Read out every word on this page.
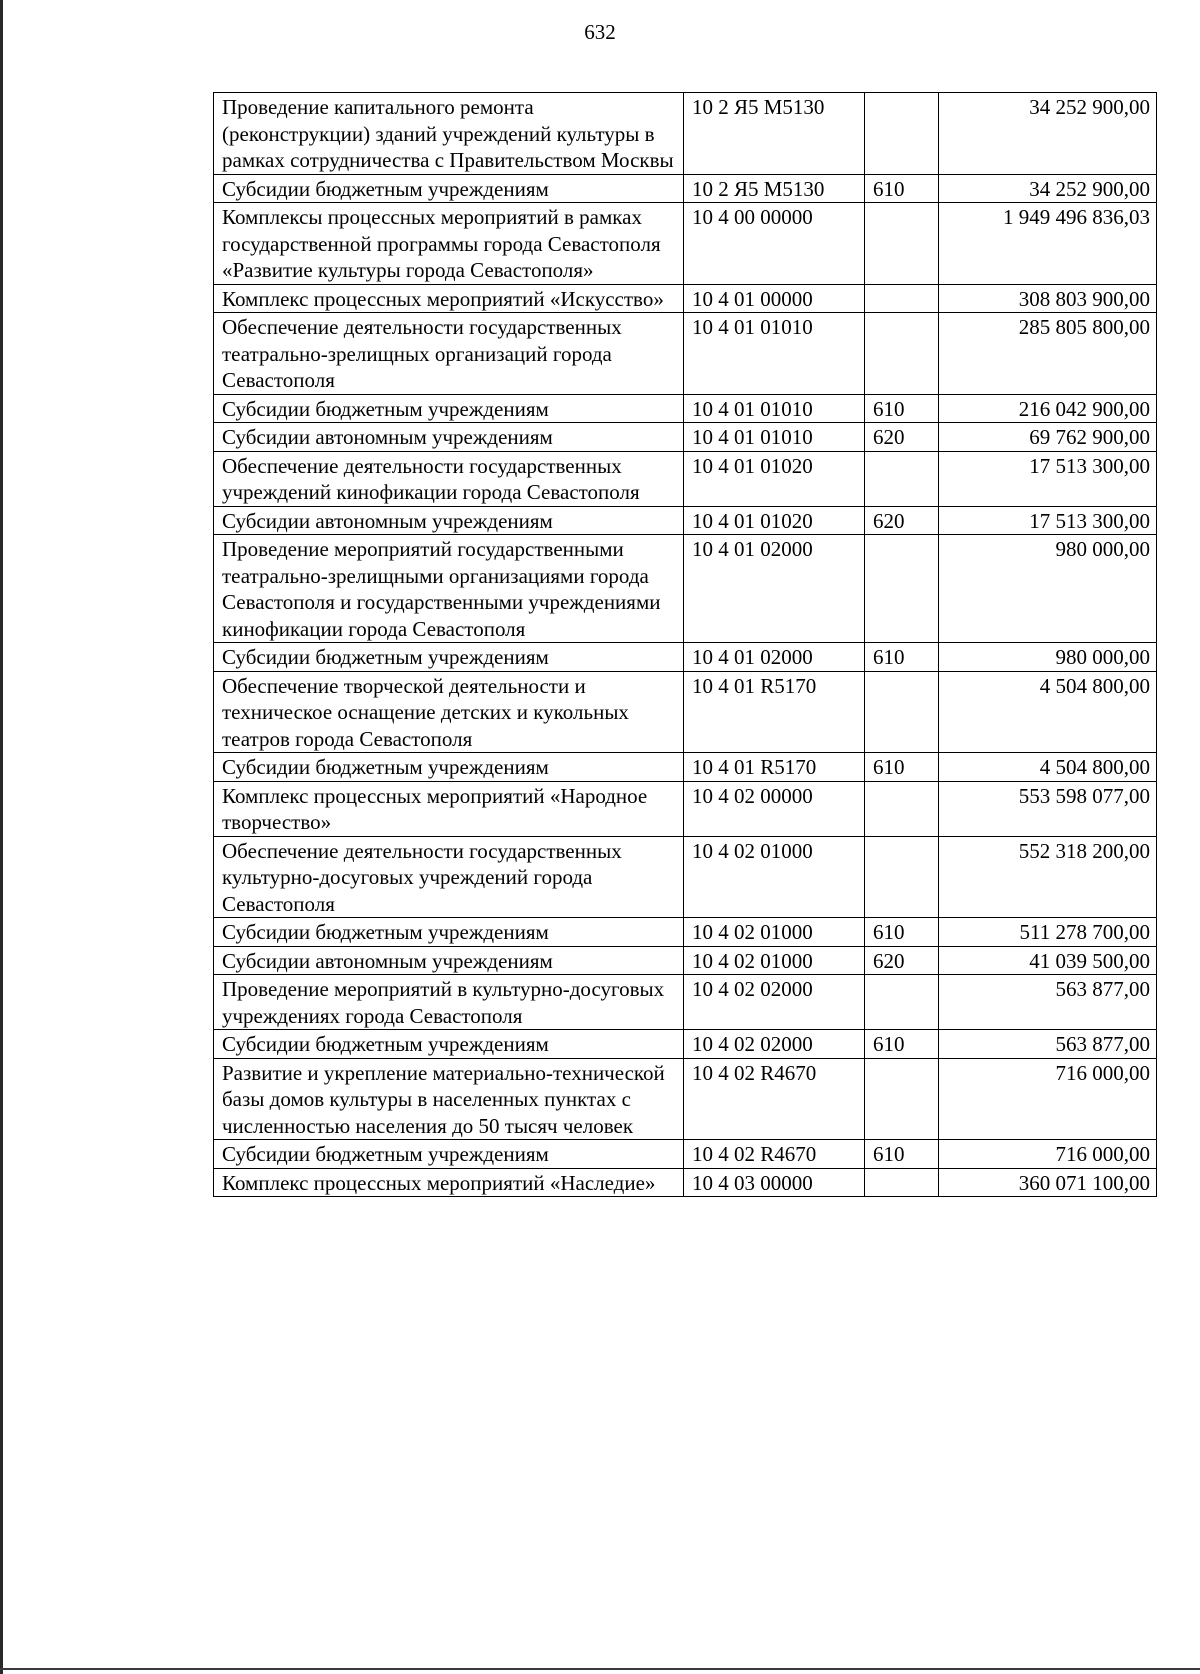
632
Проведение капитального ремонта (реконструкции) зданий учреждений культуры в рамках сотрудничества с Правительством Москвы	10 2 Я5 М5130		34 252 900,00
Субсидии бюджетным учреждениям	10 2 Я5 М5130	610	34 252 900,00
Комплексы процессных мероприятий в рамках государственной программы города Севастополя «Развитие культуры города Севастополя»	10 4 00 00000		1 949 496 836,03
Комплекс процессных мероприятий «Искусство»	10 4 01 00000		308 803 900,00
Обеспечение деятельности государственных театрально-зрелищных организаций города Севастополя	10 4 01 01010		285 805 800,00
Субсидии бюджетным учреждениям	10 4 01 01010	610	216 042 900,00
Субсидии автономным учреждениям	10 4 01 01010	620	69 762 900,00
Обеспечение деятельности государственных учреждений кинофикации города Севастополя	10 4 01 01020		17 513 300,00
Субсидии автономным учреждениям	10 4 01 01020	620	17 513 300,00
Проведение мероприятий государственными театрально-зрелищными организациями города Севастополя и государственными учреждениями кинофикации города Севастополя	10 4 01 02000		980 000,00
Субсидии бюджетным учреждениям	10 4 01 02000	610	980 000,00
Обеспечение творческой деятельности и техническое оснащение детских и кукольных театров города Севастополя	10 4 01 R5170		4 504 800,00
Субсидии бюджетным учреждениям	10 4 01 R5170	610	4 504 800,00
Комплекс процессных мероприятий «Народное творчество»	10 4 02 00000		553 598 077,00
Обеспечение деятельности государственных культурно-досуговых учреждений города Севастополя	10 4 02 01000		552 318 200,00
Субсидии бюджетным учреждениям	10 4 02 01000	610	511 278 700,00
Субсидии автономным учреждениям	10 4 02 01000	620	41 039 500,00
Проведение мероприятий в культурно-досуговых учреждениях города Севастополя	10 4 02 02000		563 877,00
Субсидии бюджетным учреждениям	10 4 02 02000	610	563 877,00
Развитие и укрепление материально-технической базы домов культуры в населенных пунктах с численностью населения до 50 тысяч человек	10 4 02 R4670		716 000,00
Субсидии бюджетным учреждениям	10 4 02 R4670	610	716 000,00
Комплекс процессных мероприятий «Наследие»	10 4 03 00000		360 071 100,00
